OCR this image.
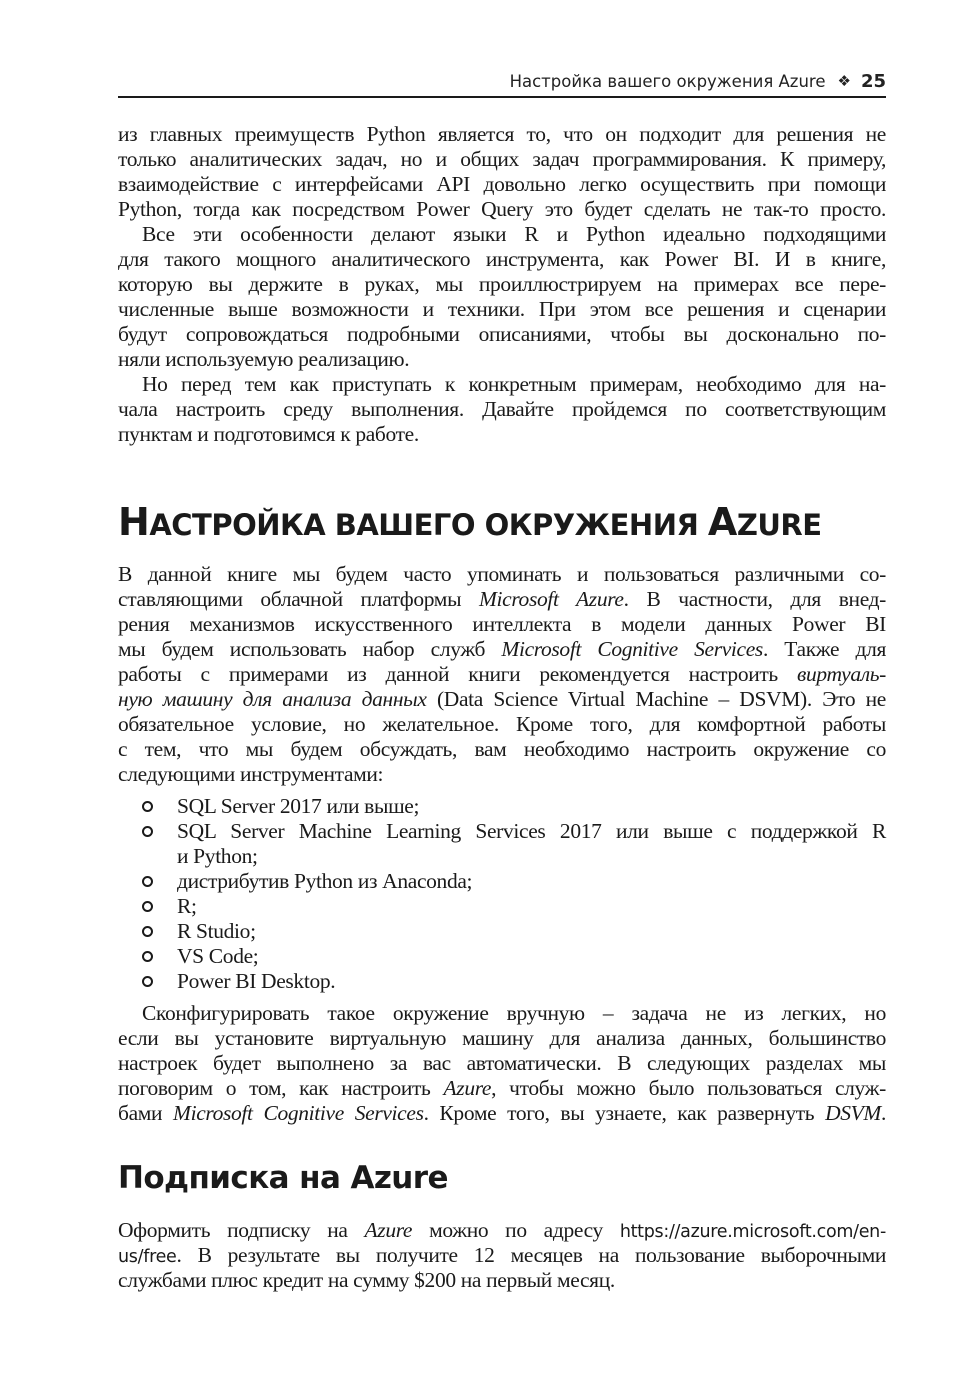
Настройка вашего окружения Azure ❖ 25
из главных преимуществ Python является то, что он подходит для решения не
только аналитических задач, но и общих задач программирования. К примеру,
взаимодействие с интерфейсами API довольно легко осуществить при помощи
Python, тогда как посредством Power Query это будет сделать не так-то просто.
Все эти особенности делают языки R и Python идеально подходящими
для такого мощного аналитического инструмента, как Power BI. И в книге,
которую вы держите в руках, мы проиллюстрируем на примерах все пере-
численные выше возможности и техники. При этом все решения и сценарии
будут сопровождаться подробными описаниями, чтобы вы досконально по-
няли используемую реализацию.
Но перед тем как приступать к конкретным примерам, необходимо для на-
чала настроить среду выполнения. Давайте пройдемся по соответствующим
пунктам и подготовимся к работе.
НАСТРОЙКА ВАШЕГО ОКРУЖЕНИЯ AZURE
В данной книге мы будем часто упоминать и пользоваться различными со-
ставляющими облачной платформы Microsoft Azure. В частности, для внед-
рения механизмов искусственного интеллекта в модели данных Power BI
мы будем использовать набор служб Microsoft Cognitive Services. Также для
работы с примерами из данной книги рекомендуется настроить виртуаль-
ную машину для анализа данных (Data Science Virtual Machine – DSVM). Это не
обязательное условие, но желательное. Кроме того, для комфортной работы
с тем, что мы будем обсуждать, вам необходимо настроить окружение со
следующими инструментами:
SQL Server 2017 или выше;
SQL Server Machine Learning Services 2017 или выше с поддержкой R
и Python;
дистрибутив Python из Anaconda;
R;
R Studio;
VS Code;
Power BI Desktop.
Сконфигурировать такое окружение вручную – задача не из легких, но
если вы установите виртуальную машину для анализа данных, большинство
настроек будет выполнено за вас автоматически. В следующих разделах мы
поговорим о том, как настроить Azure, чтобы можно было пользоваться служ-
бами Microsoft Cognitive Services. Кроме того, вы узнаете, как развернуть DSVM.
Подписка на Azure
Оформить подписку на Azure можно по адресу https://azure.microsoft.com/en-
us/free. В результате вы получите 12 месяцев на пользование выборочными
службами плюс кредит на сумму $200 на первый месяц.
